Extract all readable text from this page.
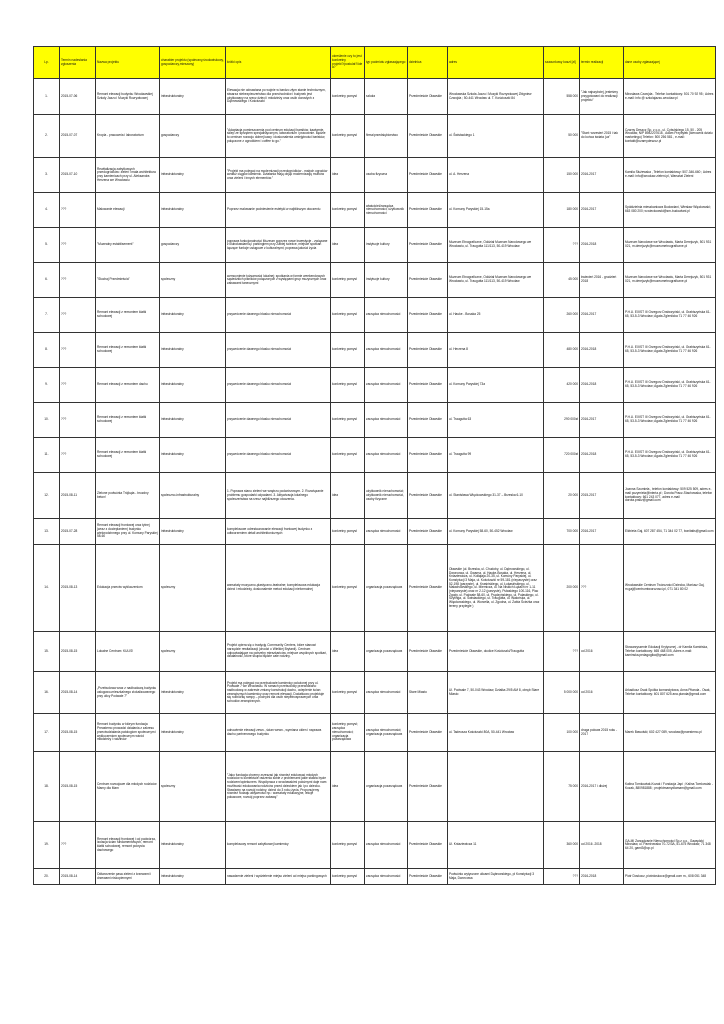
Lp.	Termin nadesłania zgłoszenia	Nazwa projektu	charakter projektu (społeczny,środowiskowy, gospodarczy,mieszany)	krótki opis	określenie czy to jest konkretny projekt?/postulat?/idea?	typ podmiotu zgłaszającego	dzielnica	adres	szacunkowy koszt [zł]	termin realizacji	dane osoby zgłaszającej
1.	2015-07-06	Remont elewacji budynku Wrocławskiej Szkoły Jazzu i Muzyki Rozrywkowej	infrastrukturalny	Elewacja nie odnawiana po wojnie w bardzo złym stanie technicznym, stwarza niebezpieczeństwo dla przechodniów i budynek jest użytkowany na rzecz dzieci i młodzieży oraz osób dorosłych z Dąbrowskiego i Kościuszki	konkretny pomysł	szkoła	Przedmieście Oławskie	Wrocławska Szkoła Jazzu i Muzyki Rozrywkowej Zbigniew Czwojda ; 50-441 Wrocław ul. T. Kościuszki 84	558 000	"Jak najszybciej, jesteśmy przygotowani do realizacji projektu"	Mirosława Czwojda . Telefon kontaktowy: 501 70 92 95 ; Adres e-mail: info @ szkolajazzu.wroclaw.pl
2.	2015-07-07	Kropla - pracownia i laboratorium	gospodarczy	"Adaptacja pomieszczenia pod centrum edukacji barsitów, kawiarnie, sklep ze sprzętem specjalistycznym, laboratorium i pracownie. Będzie to centrum rozwoju dobrej kawy i doskonalenia umiejętności baristów, połączone z ogrodkiem i coffee to go."	konkretny pomysł	firma/przedsiębiorstwo	Przedmieście Oławskie	ul. Świstackiego 1	50 000	"Start: wrzesień 2015 i tak do końca świata (uz"	Czarny Deszcz Sp. z o.o., ul. Cybulskiego 15, 50 - 205 Wrocław, NIP 8982207616 , Adam Przybyłek (kierownik działu marketingu) Telefon: 500 256 581 , e-mail: kontakt@czarnydeszcz.pl
3.	2015-07-10	Rewitalizacja zabytkowych przedogródków: zieleń i mała architektura przy kamienicach przy ul. Aleksandra Herzena we Wrocławiu	infrastrukturalny	"Projekt ma polegać na modernizacji przedogródków - małych ogrodów wzdłuż ciągów kamienic. Działania mają objąć modernizację murków oraz zieleni i innych elementów."	idea	osoba fizyczna	Przedmieście Oławskie	ul. A. Herzena	150 000	2016-2017	Kamila Służewska , Telefon kontaktowy: 507-346-660 ; Adres e-mail: info@wroclaw-zieleni.pl, Warsztat Zieleni
4.	???	Malowanie elewacji	infrastrukturalny	Poprzez malowanie podniesienie estetyki w najbliższym otoczeniu	konkretny pomysł	właściciel/zarządca nieruchomości; użytkownik nieruchomości	Przedmieście Oławskie	ul. Komuny Paryskiej 15-15a	180 000	2016-2017	Spółdzielnia mieszkaniowa Budowlani, Wiesław Więckowski; 663 080 200; w.wieckowski@sm-budowlani.pl
5.	???	"Muzealny establisement"	gospodarczy	poprawa funkcjonalności Muzeum poprzez nowe inwestycje - związane z klubokawiarnią i parkingiem przy Żabiej ścieżce, miejsce spotkań łączące funkcje usługowe z kulturalnymi; poprawa jakości życia	idea	instytucje kultury	Przedmieście Oławskie	Muzeum Etnograficzne, Oddział Muzeum Narodowego we Wrocławiu, ul. Traugutta 111/113, 50-419 Wrocław	???	2016-2018	Muzeum Narodowe we Wrocławiu, Marta Derejczyk, 501 931 021, m.derejczyk@muzeumetnograficzne.pl
6.	???	"Słuchaj Przedmieścia"	społeczny	wzmocnienie tożsamości lokalnej; spotkania w formie weekendowych sąsiedzkich pikników połączonych z występami grup muzycznych oraz zabawami tanecznymi	konkretny pomysł	instytucje kultury	Przedmieście Oławskie	Muzeum Etnograficzne, Oddział Muzeum Narodowego we Wrocławiu, ul. Traugutta 111/113, 50-419 Wrocław	45 000	kwiecień 2016 - grudzień 2018	Muzeum Narodowe we Wrocławiu, Marta Derejczyk, 501 931 021, m.derejczyk@muzeumetnograficzne.pl
7.	???	Remont elewacji z remontem klatki schodowej	infrastrukturalny	przywrócenie dawnego blasku nieruchomości	konkretny pomysł	zarządca nieruchomości	Przedmieście Oławskie	ul. Hauke - Bosaka 25	260 000	2016-2017	P.H.U. EXIST III Grzegorz Drabczyński, ul. Grabiszyńska 61-65, 53-5-3 Wrocław; Agata Zgleniicka 71 77 46 926
8.	???	Remont elewacji z remontem klatki schodowej	infrastrukturalny	przywrócenie dawnego blasku nieruchomości	konkretny pomysł	zarządca nieruchomości	Przedmieście Oławskie	ul. Herzena 8	480 000	2016-2018	P.H.U. EXIST III Grzegorz Drabczyński, ul. Grabiszyńska 61-65, 53-5-3 Wrocław; Agata Zgleniicka 71 77 46 926
9.	???	Remont elewacji z remontem dachu	infrastrukturalny	przywrócenie dawnego blasku nieruchomości	konkretny pomysł	zarządca nieruchomości	Przedmieście Oławskie	ul. Komuny Paryskiej 73a	420 000	2016-2018	P.H.U. EXIST III Grzegorz Drabczyński, ul. Grabiszyńska 61-65, 53-5-3 Wrocław; Agata Zgleniicka 71 77 46 926
10.	???	Remont elewacji z remontem klatki schodowej	infrastrukturalny	przywrócenie dawnego blasku nieruchomości	konkretny pomysł	zarządca nieruchomości	Przedmieście Oławskie	ul. Traugutta 63	290 000zł	2016-2017	P.H.U. EXIST III Grzegorz Drabczyński, ul. Grabiszyńska 61-65, 53-5-3 Wrocław; Agata Zgleniicka 71 77 46 926
11.	???	Remont elewacji z remontem klatki schodowej	infrastrukturalny	przywrócenie dawnego blasku nieruchomości	konkretny pomysł	zarządca nieruchomości	Przedmieście Oławskie	ul. Traugutta 99	720 000zł	2016-2018	P.H.U. EXIST III Grzegorz Drabczyński, ul. Grabiszyńska 61-65, 53-5-3 Wrocław; Agata Zgleniicka 71 77 46 926
12.	2015-08-11	Zielone podwórka Trójkąta - bruzdny beton!	społeczno-infrastrukturalny	1. Poprawa stanu zieleni we wnętrzu podwórzowym. 2. Rozwiązanie problemu gospodarki odpadami. 3. Aktywizacja lokalnego społeczeństwa na rzecz najbliższego otoczenia.	idea	użytkownik nieruchomości; użytkownik nieruchomości, osoby fizyczne	Przedmieście Oławskie	ul. Stanisława Więckowskiego 31-37 – Brzeska 6-10	20 000	2015-2017	Joanna Szumiela , telefon kontaktowy: 509 525 509, adres e-mail pozymiela@interia.pl ; Dorota Pracz-Stachowska, telefon kontaktowy: 661 243 077, adres e-mail dorota.pracz@gmail.com
13.	2015-07-28	Remont elewacji frontowej oraz tylnej (wraz z docieplaniem) budynku wielorodzinnego przy ul. Komuny Paryskiej 58-60	infrastrukturalny	kompleksowe odrestaurowanie elewacji frontowej budynku z odtworzeniem detali architektonicznych	konkretny pomysł	zarządca nieruchomości	Przedmieście Oławskie	ul. Komuny Paryskiej 58-60, 50-452 Wrocław	700 000	2016-2017	Elżbieta Gaj, 607 287 454, 71 344 02 77, bonitatis@gmail.com
14.	2015-08-13	Edukacja przeciw wykluczeniom	społeczny	warsztaty muzyczno-plastyczno-teatralne; kompleksowa edukacja dzieci i młodzieży, doskonalenie metod edukacji nieformalnej	konkretny pomysł	organizacja pozarządowa	Przedmieście Oławskie	Oławskie (ul. Brzeska, ul. Chudoby, ul. Dąbrowskiego, ul. Dworcowa, ul. Gwarna, ul. Hauke-Bosaka, ul. Herzena, ul. Kniaziewicza, ul. Kołłątaja 20-35, ul. Komuny Paryskiej, ul. Konstytucji 3 Maja, ul. Kościuszki nr 59-181 (nieparzyste) oraz 52-198 (parzyste), ul. Krasińskiego, ul. Łukasińskiego, ul. Małachowskiego, ul. Miernicza, ul. Na Niskich Łąkach nr 1-11 (nieparzyste) oraz nr 2-12 (parzyste), Pułaskiego 100-116, Plac Zgody, ul. Podwale 58-60, ul. Prądzyńskiego, ul. Pułaskiego, ul. Szylinga, ul. Świstackiego, ul. Traugutta, ul. Walońska, ul. Więckowskiego, ul. Worcella, ul. Zgodna, ul. Żabia Ścieżka oraz tereny przyległe )	200 000	???	Wrocławskie Centrum Twórczości Dziecka, Mariusz Gaj, m.gaj@centrumtworczosci.pl, 071 341 80 02
15.	2015-08-15	Lokalne Centrum: KULIS!	społeczny	Projekt opiera się o tradycję Community Centers, które stanowi narzędzie rewitalizacji (chodzi o Wielkiej Brytanii). Centrum odpowiadające na potrzeby mieszkańców, miejsce wspólnych spotkań, działalność, które skupia będzie całe rodziny.	idea	organizacja pozarządowa	Przedmieście Oławskie	Przedmieście Oławskie, okolice Kościuszki/Traugutta	???	od 2016	Stowarzyszenie Edukacji Krytycznej - dr Kamila Kamińska, Telefon kontaktowy: 665 468 005, Adres e-mail: kaminska.pedagogika@gmail.com
16.	2015-08-14	„Przebudowa wraz z nadbudową budynku usługowo-mieszkalnego zlokalizowanego przy ulicy Podwale 7"	infrastrukturalny	Projekt ma polegać na przebudowie kamienicy położonej przy ul. Podwale 7 we Wrocławiu. W ramach przebudowy przewidziano nadbudowę w zakresie zmiany konstrukcji dachu, ocieplenie ścian zewnętrznych kamienicy oraz remont elewacji. Dodatkowo projektuje się rozbiórkę rampy – pochylni dla osób niepełnosprawnych oraz schodów zewnętrznych.	konkretny pomysł	zarządca nieruchomości	Stare Miasto	Ul. Podwale 7, 50-043 Wrocław, Działka 29/5 AM 8, obręb Stare Miasto	5 000 000	od 2016	Arkadiusz Osak Spółka komandytowa, Anna Pitanda - Osak, Telefon kontaktowy: 601 807 625 ana.planda@gmail.com
17.	2015-08-15	Remont budynku w którym fundacja Preastemo prowadzi działania z zakresu przeciwdziałania patologiom społecznym i wykluczeniom społecznym wśród młodzieży i rodzinów	infrastrukturalny	odnowienie elewacji zewn., ścian wewn., wymiana okien i naprawa dachu partnerowego budynku	konkretny pomysł; zarządca nieruchomości; organizacja pozarządowa	zarządca nieruchomości; organizacja pozarządowa	Przedmieście Oławskie	ul. Tadeusza Kościuszki 80A, 50-441 Wrocław	100 000	druga połowa 2015 roku - 2017	Marek Bawolski; 602 427 089, wroclaw@praestemo.pl
18.	2015-08-15	Centrum rozwojowe dla młodych rodziców Mamy dla Mam	społeczny	"Jako fundacja chcemy zrzeszać jak również edukować młodych rodziców w kontekście radzenia sobie z problemami jakie stawia bycie rodzicem/opiekunem. Współpraca z wrocławskimi położnymi daje nam możliwość edukowania rodziców przed dzieckiem jak i po dziecku. Stawiamy na rozwój rodziny, dzieci do 3 roku życia. Proponujemy również rodzaju aktywności np.: warsztaty edukacyjne, lekcje pokazowe, rozwój poprzez zabawę"	idea	organizacja pozarządowa	Przedmieście Oławskie		75 000	2016-2017 i dłużej	Kalina Tomkowiak-Kozak / Fundacja Japi ; Kalina Tomkowiak - Kozak, 880981888 ; projektmamydlamam@gmail.com
19.	???	Remont elewacji frontowej i od podwórza, izolacja ścian fundamentowych, remont klatki schodowej, remont pokrycia dachowego	infrastrukturalny	kompleksowy remont zabytkowej kamienicy	konkretny pomysł	zarządca nieruchomości	Przedmieście Oławskie	Ul. Kniaziewicza 11	360 000	od 2016 -2018	GA-MI Zarządzanie Nieruchomości Sp.z o.o., Gawędzki Mirosław, ul. Pamirowska 70-72/3A, 51-675 Wrocław, 71 348 64 20, gami3@op.pl
20.	2015-08-14	Odtworzenie pasa zieleni z krzewami i drzewami niskopiennymi	infrastrukturalny	nasadzenie zieleni i wydzielenie miejsc zieleni od miejsc parkingowych	konkretny pomysł	zarządca nieruchomości	Przedmieście Oławskie	Podwórko wytyczone ulicami Dąbrowskiego, pl Konstytucji 3 Maja, Dworcowa	???	2016-2018	Piotr Doskocz, piotrdoskocz@gmail.com m., 608 051 348
